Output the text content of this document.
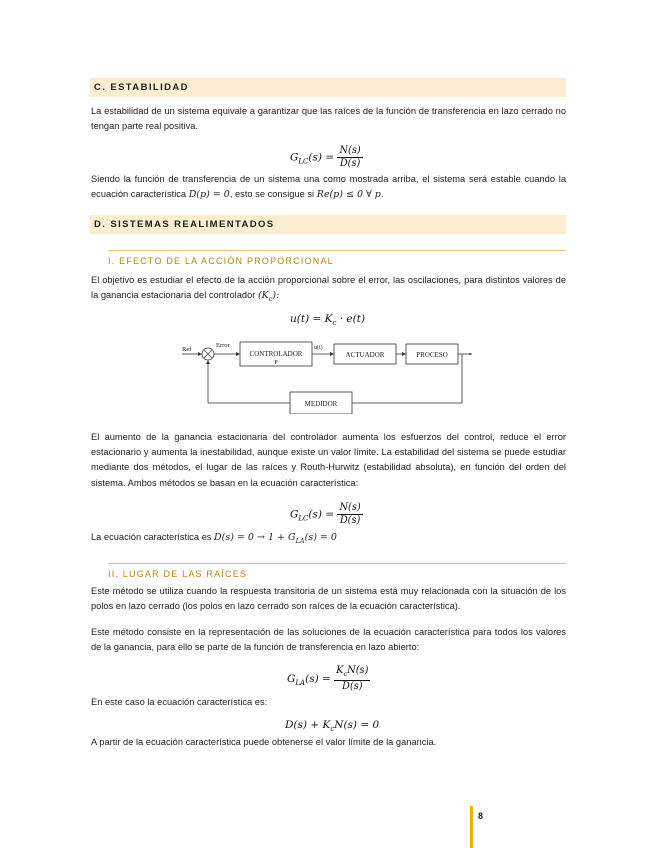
C. ESTABILIDAD
La estabilidad de un sistema equivale a garantizar que las raíces de la función de transferencia en lazo cerrado no tengan parte real positiva.
$G_{LC}(s) = \frac{N(s)}{D(s)}$
Siendo la función de transferencia de un sistema una como mostrada arriba, el sistema será estable cuando la ecuación característica D(p) = 0, esto se consigue si Re(p) ≤ 0 ∀ p.
D. SISTEMAS REALIMENTADOS
I. EFECTO DE LA ACCIÓN PROPORCIONAL
El objetivo es estudiar el efecto de la acción proporcional sobre el error, las oscilaciones, para distintos valores de la ganancia estacionaria del controlador $(K_c)$:
$u(t) = K_c \cdot e(t)$
Ref
Error	u(t)
CONTROLADOR
P
ACTUADOR	PROCESO
MEDIDOR
El aumento de la ganancia estacionaria del controlador aumenta los esfuerzos del control, reduce el error estacionario y aumenta la inestabilidad, aunque existe un valor límite. La estabilidad del sistema se puede estudiar mediante dos métodos, el lugar de las raíces y Routh-Hurwitz (estabilidad absoluta), en función del orden del sistema. Ambos métodos se basan en la ecuación característica:
$G_{LC}(s) = \frac{N(s)}{D(s)}$
La ecuación característica es $D(s) = 0 \to 1 + G_{LA}(s) = 0$
II. LUGAR DE LAS RAÍCES
Este método se utiliza cuando la respuesta transitoria de un sistema está muy relacionada con la situación de los polos en lazo cerrado (los polos en lazo cerrado son raíces de la ecuación característica).
Este método consiste en la representación de las soluciones de la ecuación característica para todos los valores de la ganancia, para ello se parte de la función de transferencia en lazo abierto:
$G_{LA}(s) = \frac{K_cN(s)}{D(s)}$
En este caso la ecuación característica es:
$D(s) + K_cN(s) = 0$
A partir de la ecuación característica puede obtenerse el valor límite de la ganancia.
8
